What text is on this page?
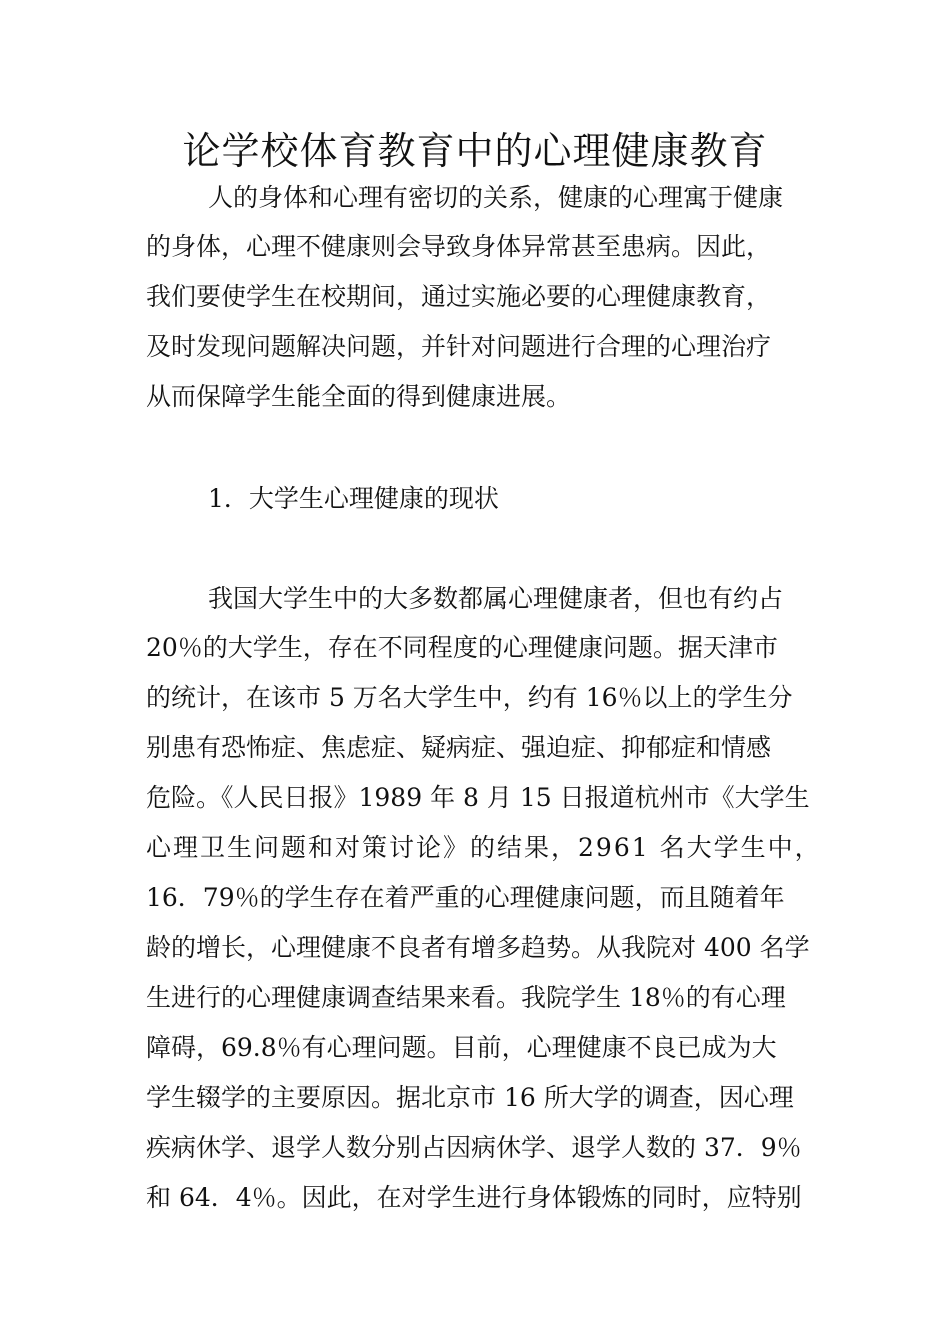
论学校体育教育中的心理健康教育

人的身体和心理有密切的关系，健康的心理寓于健康

的身体，心理不健康则会导致身体异常甚至患病。因此，

我们要使学生在校期间，通过实施必要的心理健康教育，

及时发现问题解决问题，并针对问题进行合理的心理治疗

从而保障学生能全面的得到健康进展。

1．大学生心理健康的现状

我国大学生中的大多数都属心理健康者，但也有约占

20％的大学生，存在不同程度的心理健康问题。据天津市

的统计，在该市 5 万名大学生中，约有 16％以上的学生分

别患有恐怖症、焦虑症、疑病症、强迫症、抑郁症和情感

危险。《人民日报》1989 年 8 月 15 日报道杭州市《大学生

心理卫生问题和对策讨论》的结果，2961 名大学生中，

16．79％的学生存在着严重的心理健康问题，而且随着年

龄的增长，心理健康不良者有增多趋势。从我院对 400 名学

生进行的心理健康调查结果来看。我院学生 18％的有心理

障碍，69.8％有心理问题。目前，心理健康不良已成为大

学生辍学的主要原因。据北京市 16 所大学的调查，因心理

疾病休学、退学人数分别占因病休学、退学人数的 37．9％

和 64．4％。因此，在对学生进行身体锻炼的同时，应特别
